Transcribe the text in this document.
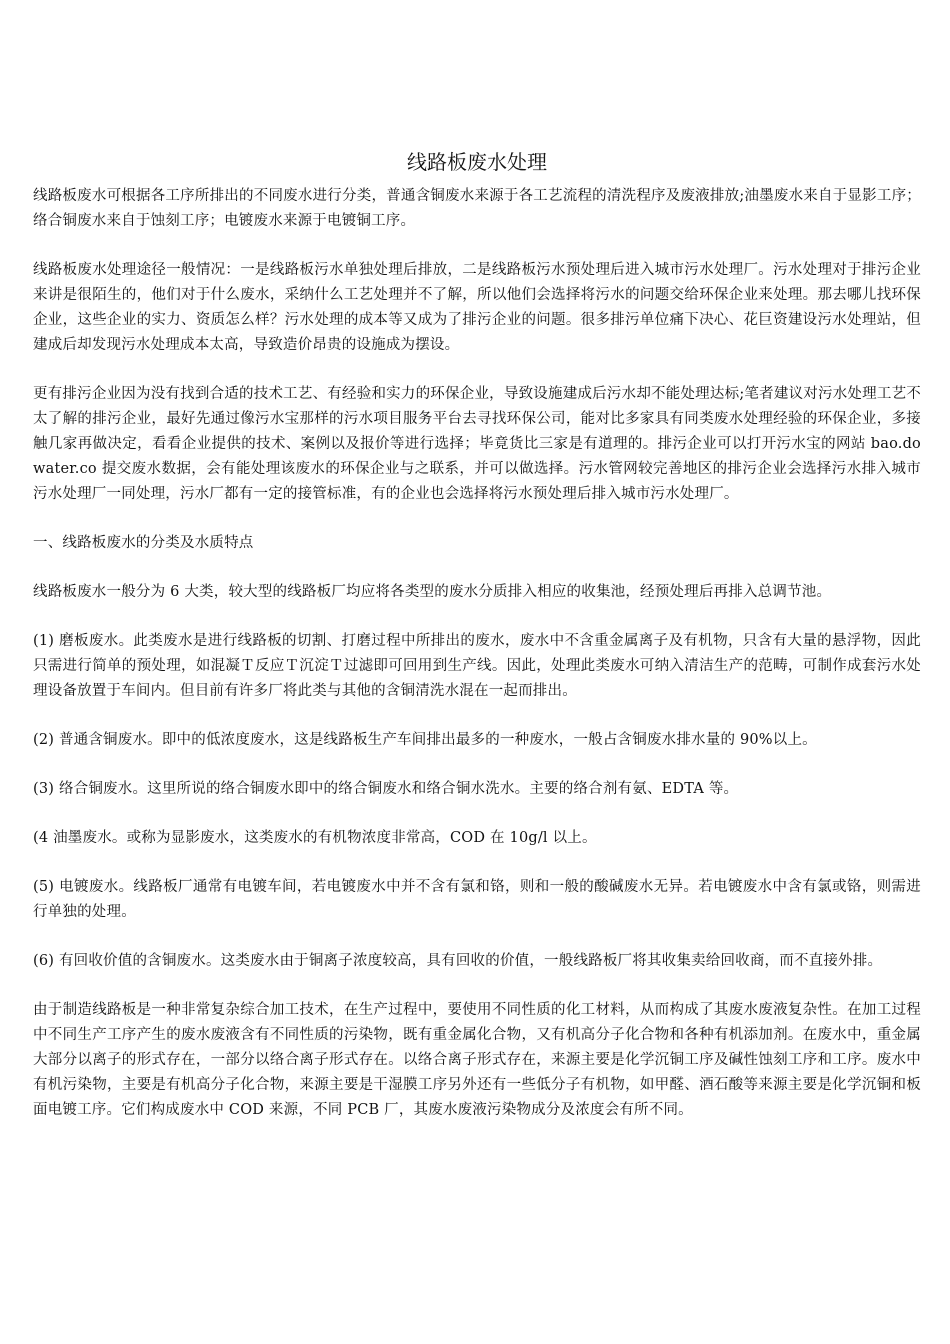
线路板废水处理

线路板废水可根据各工序所排出的不同废水进行分类，普通含铜废水来源于各工艺流程的清洗程序及废液排放;油墨废水来自于显影工序；络合铜废水来自于蚀刻工序；电镀废水来源于电镀铜工序。

线路板废水处理途径一般情况：一是线路板污水单独处理后排放，二是线路板污水预处理后进入城市污水处理厂。污水处理对于排污企业来讲是很陌生的，他们对于什么废水，采纳什么工艺处理并不了解，所以他们会选择将污水的问题交给环保企业来处理。那去哪儿找环保企业，这些企业的实力、资质怎么样？污水处理的成本等又成为了排污企业的问题。很多排污单位痛下决心、花巨资建设污水处理站，但建成后却发现污水处理成本太高，导致造价昂贵的设施成为摆设。

更有排污企业因为没有找到合适的技术工艺、有经验和实力的环保企业，导致设施建成后污水却不能处理达标;笔者建议对污水处理工艺不太了解的排污企业，最好先通过像污水宝那样的污水项目服务平台去寻找环保公司，能对比多家具有同类废水处理经验的环保企业，多接触几家再做决定，看看企业提供的技术、案例以及报价等进行选择；毕竟货比三家是有道理的。排污企业可以打开污水宝的网站 bao.dowater.co 提交废水数据，会有能处理该废水的环保企业与之联系，并可以做选择。污水管网较完善地区的排污企业会选择污水排入城市污水处理厂一同处理，污水厂都有一定的接管标准，有的企业也会选择将污水预处理后排入城市污水处理厂。

一、线路板废水的分类及水质特点

线路板废水一般分为 6 大类，较大型的线路板厂均应将各类型的废水分质排入相应的收集池，经预处理后再排入总调节池。

(1) 磨板废水。此类废水是进行线路板的切割、打磨过程中所排出的废水，废水中不含重金属离子及有机物，只含有大量的悬浮物，因此只需进行简单的预处理，如混凝Ｔ反应Ｔ沉淀Ｔ过滤即可回用到生产线。因此，处理此类废水可纳入清洁生产的范畴，可制作成套污水处理设备放置于车间内。但目前有许多厂将此类与其他的含铜清洗水混在一起而排出。

(2) 普通含铜废水。即中的低浓度废水，这是线路板生产车间排出最多的一种废水，一般占含铜废水排水量的 90%以上。

(3) 络合铜废水。这里所说的络合铜废水即中的络合铜废水和络合铜水洗水。主要的络合剂有氨、EDTA 等。

(4 油墨废水。或称为显影废水，这类废水的有机物浓度非常高，COD 在 10g/l 以上。

(5) 电镀废水。线路板厂通常有电镀车间，若电镀废水中并不含有氯和铬，则和一般的酸碱废水无异。若电镀废水中含有氯或铬，则需进行单独的处理。

(6) 有回收价值的含铜废水。这类废水由于铜离子浓度较高，具有回收的价值，一般线路板厂将其收集卖给回收商，而不直接外排。

由于制造线路板是一种非常复杂综合加工技术，在生产过程中，要使用不同性质的化工材料，从而构成了其废水废液复杂性。在加工过程中不同生产工序产生的废水废液含有不同性质的污染物，既有重金属化合物，又有机高分子化合物和各种有机添加剂。在废水中，重金属大部分以离子的形式存在，一部分以络合离子形式存在。以络合离子形式存在，来源主要是化学沉铜工序及碱性蚀刻工序和工序。废水中有机污染物，主要是有机高分子化合物，来源主要是干湿膜工序另外还有一些低分子有机物，如甲醛、酒石酸等来源主要是化学沉铜和板面电镀工序。它们构成废水中 COD 来源，不同 PCB 厂，其废水废液污染物成分及浓度会有所不同。
